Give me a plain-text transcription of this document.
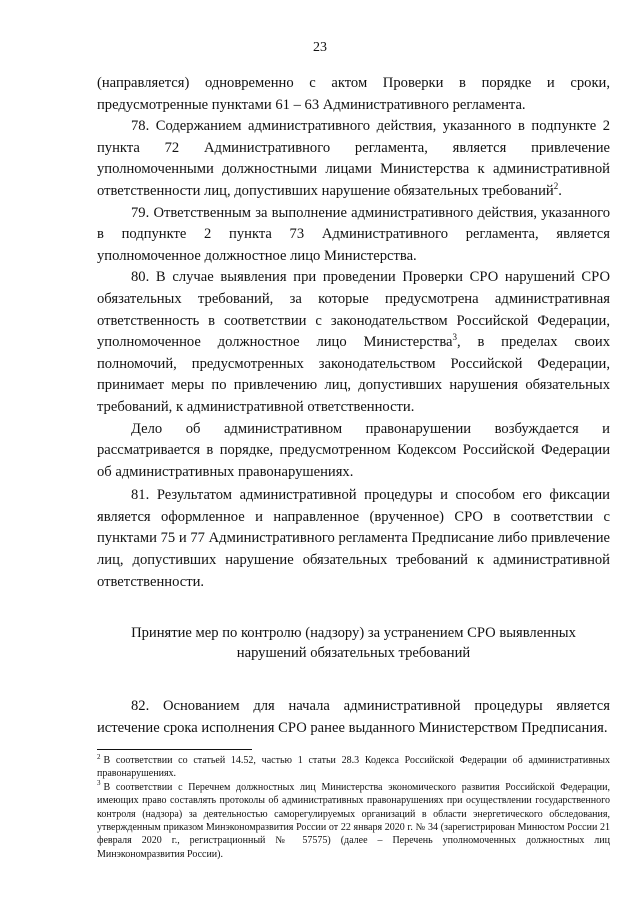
23

(направляется) одновременно с актом Проверки в порядке и сроки, предусмотренные пунктами 61 – 63 Административного регламента.

78. Содержанием административного действия, указанного в подпункте 2 пункта 72 Административного регламента, является привлечение уполномоченными должностными лицами Министерства к административной ответственности лиц, допустивших нарушение обязательных требований$^2$.

79. Ответственным за выполнение административного действия, указанного в подпункте 2 пункта 73 Административного регламента, является уполномоченное должностное лицо Министерства.

80. В случае выявления при проведении Проверки СРО нарушений СРО обязательных требований, за которые предусмотрена административная ответственность в соответствии с законодательством Российской Федерации, уполномоченное должностное лицо Министерства$^3$, в пределах своих полномочий, предусмотренных законодательством Российской Федерации, принимает меры по привлечению лиц, допустивших нарушения обязательных требований, к административной ответственности.

Дело об административном правонарушении возбуждается и рассматривается в порядке, предусмотренном Кодексом Российской Федерации об административных правонарушениях.

81. Результатом административной процедуры и способом его фиксации является оформленное и направленное (врученное) СРО в соответствии с пунктами 75 и 77 Административного регламента Предписание либо привлечение лиц, допустивших нарушение обязательных требований к административной ответственности.

Принятие мер по контролю (надзору) за устранением СРО выявленных
нарушений обязательных требований

82. Основанием для начала административной процедуры является истечение срока исполнения СРО ранее выданного Министерством Предписания.

$^2$ В соответствии со статьей 14.52, частью 1 статьи 28.3 Кодекса Российской Федерации об административных правонарушениях.

$^3$ В соответствии с Перечнем должностных лиц Министерства экономического развития Российской Федерации, имеющих право составлять протоколы об административных правонарушениях при осуществлении государственного контроля (надзора) за деятельностью саморегулируемых организаций в области энергетического обследования, утвержденным приказом Минэкономразвития России от 22 января 2020 г. № 34 (зарегистрирован Минюстом России 21 февраля 2020 г., регистрационный № 57575) (далее – Перечень уполномоченных должностных лиц Минэкономразвития России).
